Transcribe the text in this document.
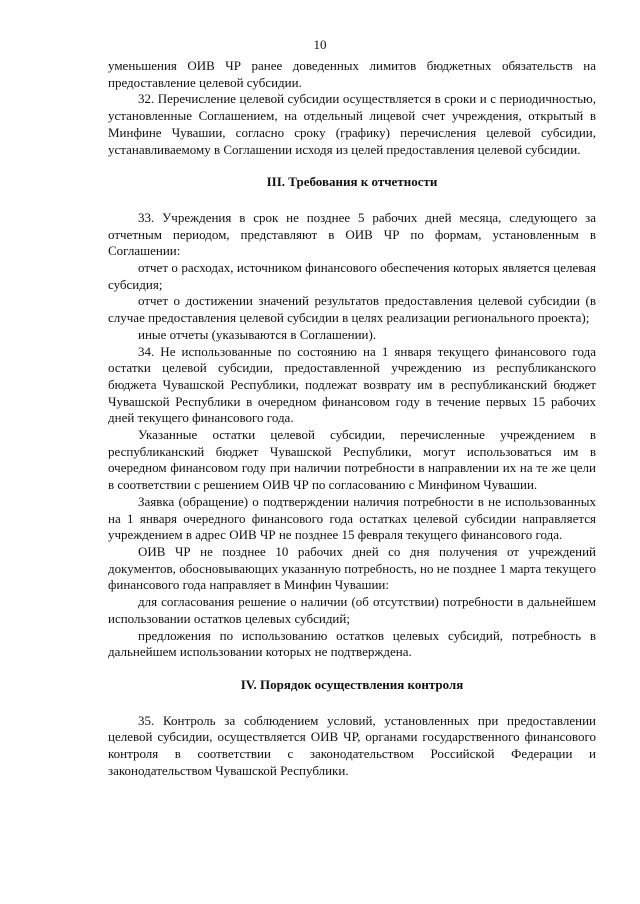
10

уменьшения ОИВ ЧР ранее доведенных лимитов бюджетных обязательств на предоставление целевой субсидии.

32. Перечисление целевой субсидии осуществляется в сроки и с периодичностью, установленные Соглашением, на отдельный лицевой счет учреждения, открытый в Минфине Чувашии, согласно сроку (графику) перечисления целевой субсидии, устанавливаемому в Соглашении исходя из целей предоставления целевой субсидии.

III. Требования к отчетности

33. Учреждения в срок не позднее 5 рабочих дней месяца, следующего за отчетным периодом, представляют в ОИВ ЧР по формам, установленным в Соглашении:

отчет о расходах, источником финансового обеспечения которых является целевая субсидия;

отчет о достижении значений результатов предоставления целевой субсидии (в случае предоставления целевой субсидии в целях реализации регионального проекта);

иные отчеты (указываются в Соглашении).

34. Не использованные по состоянию на 1 января текущего финансового года остатки целевой субсидии, предоставленной учреждению из республиканского бюджета Чувашской Республики, подлежат возврату им в республиканский бюджет Чувашской Республики в очередном финансовом году в течение первых 15 рабочих дней текущего финансового года.

Указанные остатки целевой субсидии, перечисленные учреждением в республиканский бюджет Чувашской Республики, могут использоваться им в очередном финансовом году при наличии потребности в направлении их на те же цели в соответствии с решением ОИВ ЧР по согласованию с Минфином Чувашии.

Заявка (обращение) о подтверждении наличия потребности в не использованных на 1 января очередного финансового года остатках целевой субсидии направляется учреждением в адрес ОИВ ЧР не позднее 15 февраля текущего финансового года.

ОИВ ЧР не позднее 10 рабочих дней со дня получения от учреждений документов, обосновывающих указанную потребность, но не позднее 1 марта текущего финансового года направляет в Минфин Чувашии:

для согласования решение о наличии (об отсутствии) потребности в дальнейшем использовании остатков целевых субсидий;

предложения по использованию остатков целевых субсидий, потребность в дальнейшем использовании которых не подтверждена.

IV. Порядок осуществления контроля

35. Контроль за соблюдением условий, установленных при предоставлении целевой субсидии, осуществляется ОИВ ЧР, органами государственного финансового контроля в соответствии с законодательством Российской Федерации и законодательством Чувашской Республики.
